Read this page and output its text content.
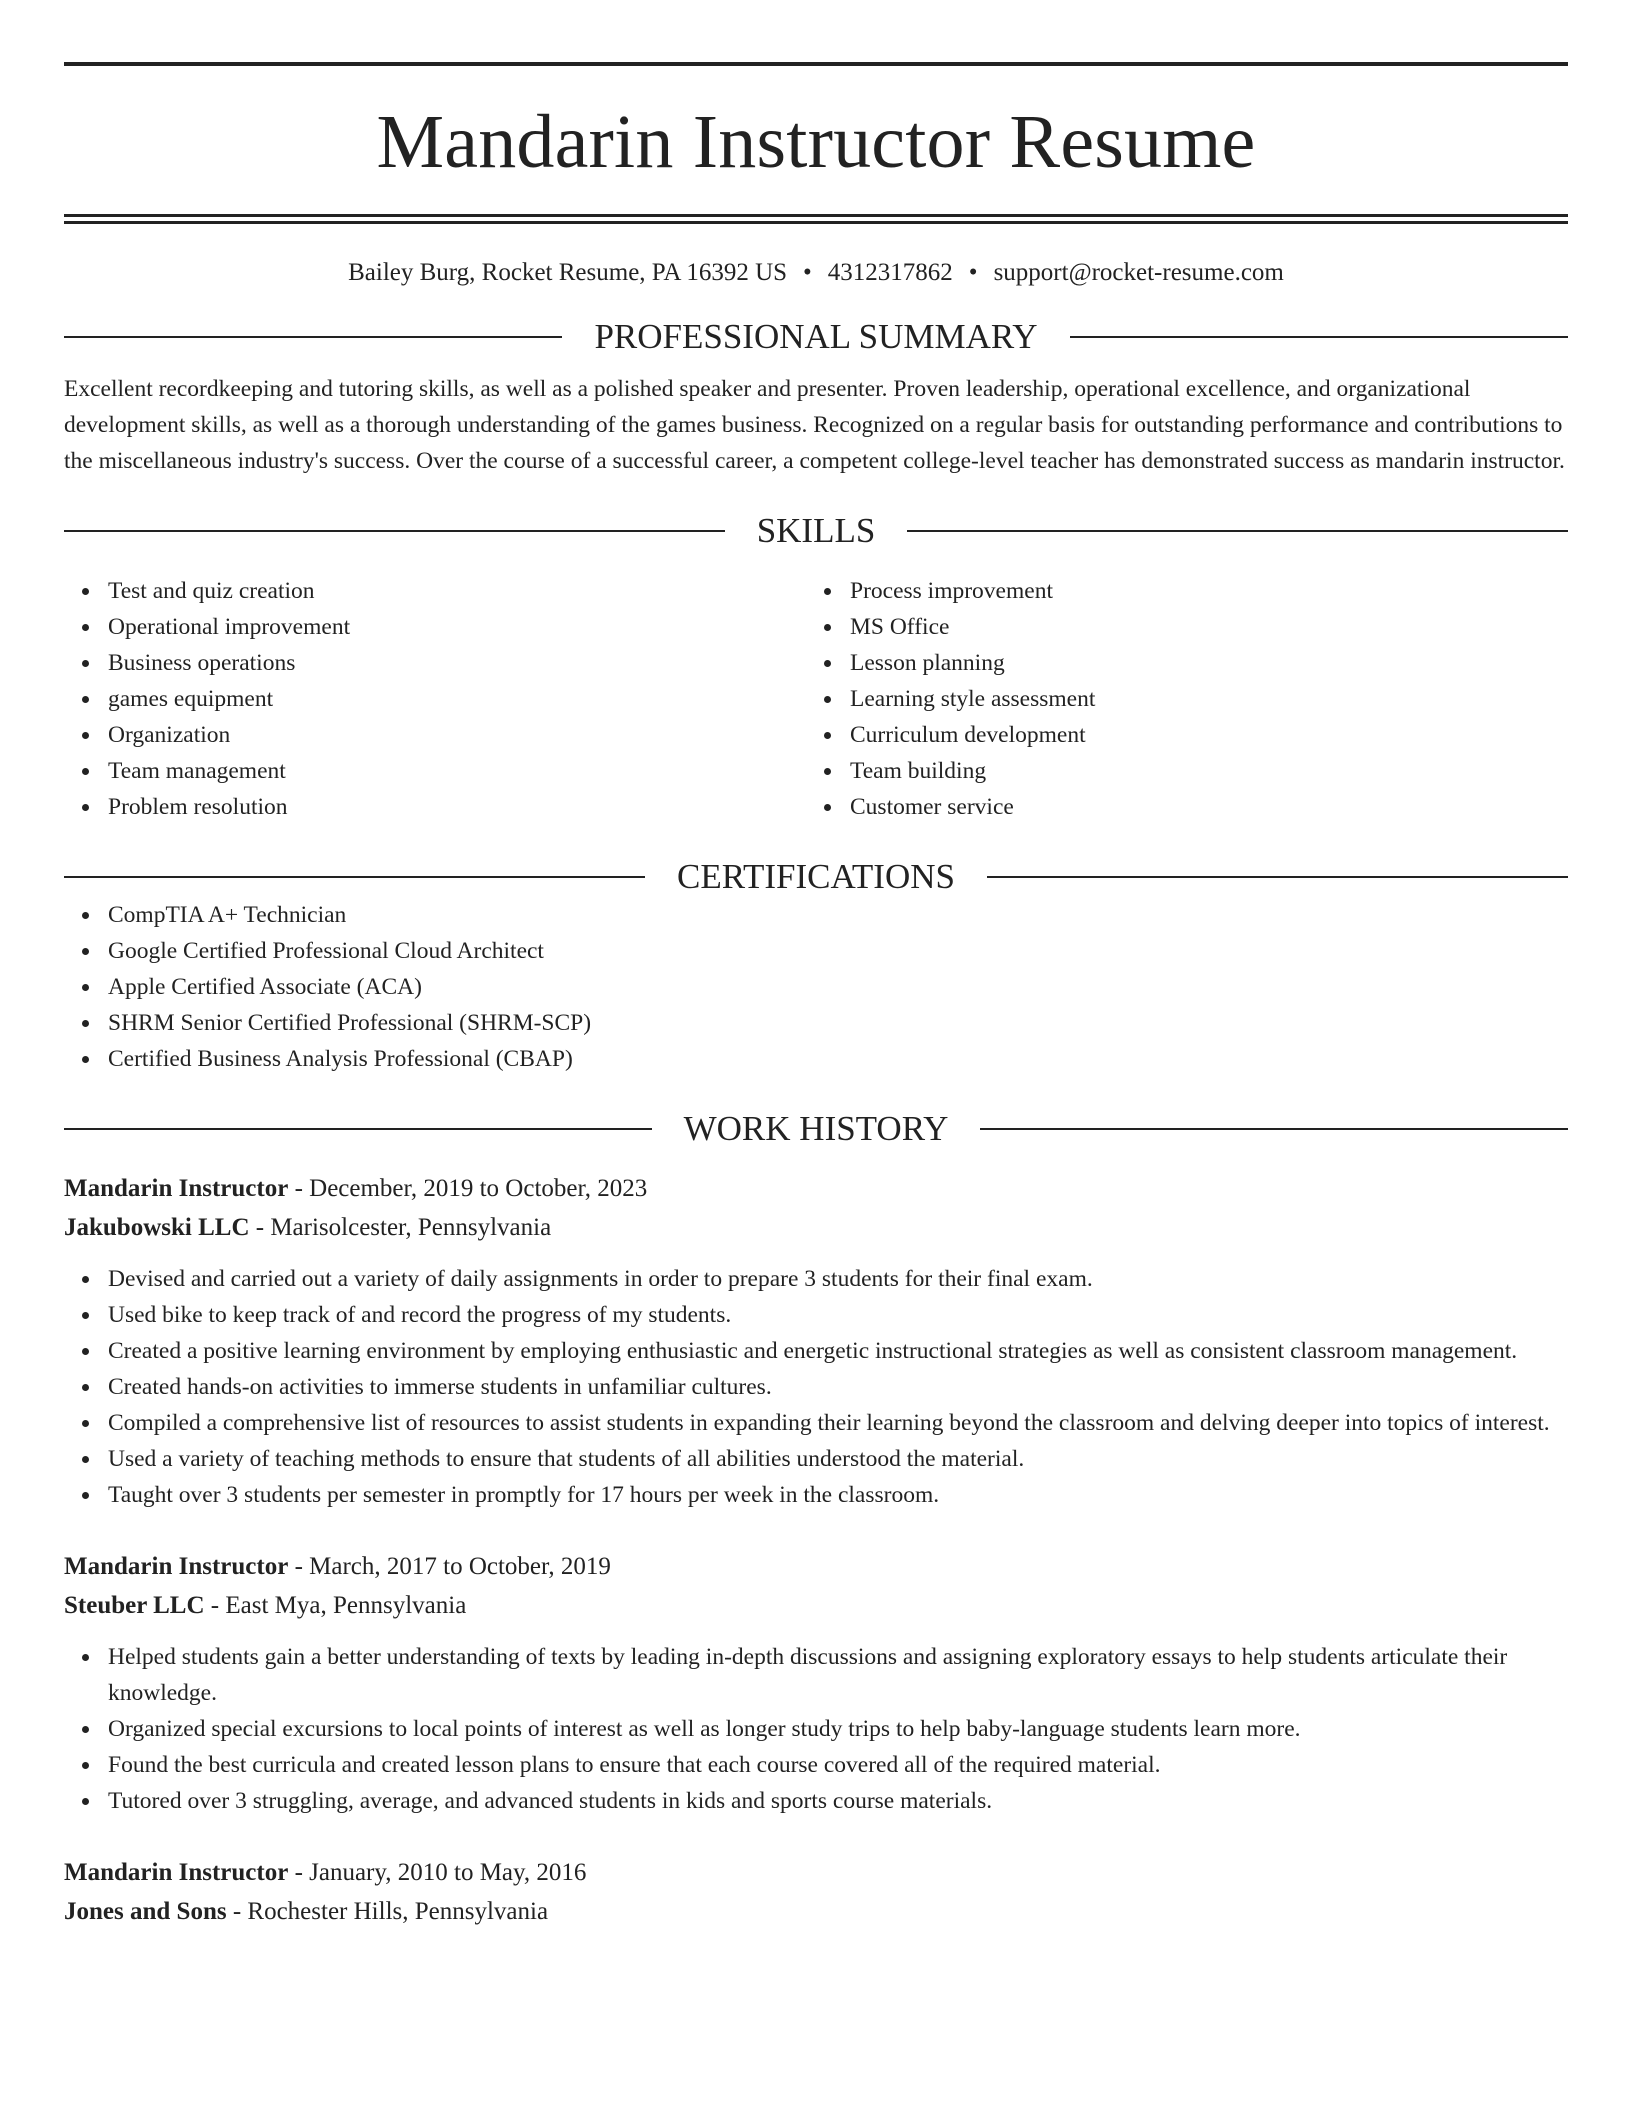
Mandarin Instructor Resume
Bailey Burg, Rocket Resume, PA 16392 US • 4312317862 • support@rocket-resume.com
PROFESSIONAL SUMMARY
Excellent recordkeeping and tutoring skills, as well as a polished speaker and presenter. Proven leadership, operational excellence, and organizational development skills, as well as a thorough understanding of the games business. Recognized on a regular basis for outstanding performance and contributions to the miscellaneous industry's success. Over the course of a successful career, a competent college-level teacher has demonstrated success as mandarin instructor.
SKILLS
Test and quiz creation
Operational improvement
Business operations
games equipment
Organization
Team management
Problem resolution
Process improvement
MS Office
Lesson planning
Learning style assessment
Curriculum development
Team building
Customer service
CERTIFICATIONS
CompTIA A+ Technician
Google Certified Professional Cloud Architect
Apple Certified Associate (ACA)
SHRM Senior Certified Professional (SHRM-SCP)
Certified Business Analysis Professional (CBAP)
WORK HISTORY
Mandarin Instructor - December, 2019 to October, 2023
Jakubowski LLC - Marisolcester, Pennsylvania
Devised and carried out a variety of daily assignments in order to prepare 3 students for their final exam.
Used bike to keep track of and record the progress of my students.
Created a positive learning environment by employing enthusiastic and energetic instructional strategies as well as consistent classroom management.
Created hands-on activities to immerse students in unfamiliar cultures.
Compiled a comprehensive list of resources to assist students in expanding their learning beyond the classroom and delving deeper into topics of interest.
Used a variety of teaching methods to ensure that students of all abilities understood the material.
Taught over 3 students per semester in promptly for 17 hours per week in the classroom.
Mandarin Instructor - March, 2017 to October, 2019
Steuber LLC - East Mya, Pennsylvania
Helped students gain a better understanding of texts by leading in-depth discussions and assigning exploratory essays to help students articulate their knowledge.
Organized special excursions to local points of interest as well as longer study trips to help baby-language students learn more.
Found the best curricula and created lesson plans to ensure that each course covered all of the required material.
Tutored over 3 struggling, average, and advanced students in kids and sports course materials.
Mandarin Instructor - January, 2010 to May, 2016
Jones and Sons - Rochester Hills, Pennsylvania
